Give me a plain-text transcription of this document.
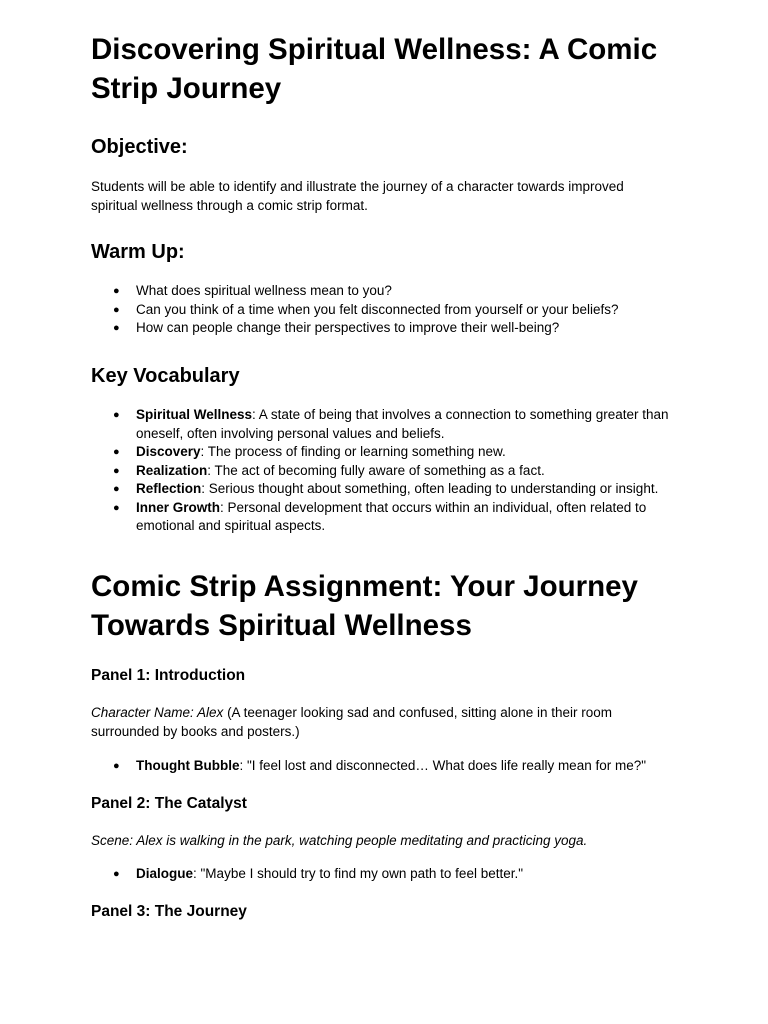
Discovering Spiritual Wellness: A Comic Strip Journey
Objective:

Students will be able to identify and illustrate the journey of a character towards improved spiritual wellness through a comic strip format.

Warm Up:
● What does spiritual wellness mean to you?
● Can you think of a time when you felt disconnected from yourself or your beliefs?
● How can people change their perspectives to improve their well-being?
Key Vocabulary
● Spiritual Wellness: A state of being that involves a connection to something greater than oneself, often involving personal values and beliefs.
● Discovery: The process of finding or learning something new.
● Realization: The act of becoming fully aware of something as a fact.
● Reflection: Serious thought about something, often leading to understanding or insight.
● Inner Growth: Personal development that occurs within an individual, often related to emotional and spiritual aspects.
Comic Strip Assignment: Your Journey Towards Spiritual Wellness
Panel 1: Introduction

Character Name: Alex (A teenager looking sad and confused, sitting alone in their room surrounded by books and posters.)

● Thought Bubble: "I feel lost and disconnected… What does life really mean for me?"
Panel 2: The Catalyst

Scene: Alex is walking in the park, watching people meditating and practicing yoga.

● Dialogue: "Maybe I should try to find my own path to feel better."
Panel 3: The Journey
